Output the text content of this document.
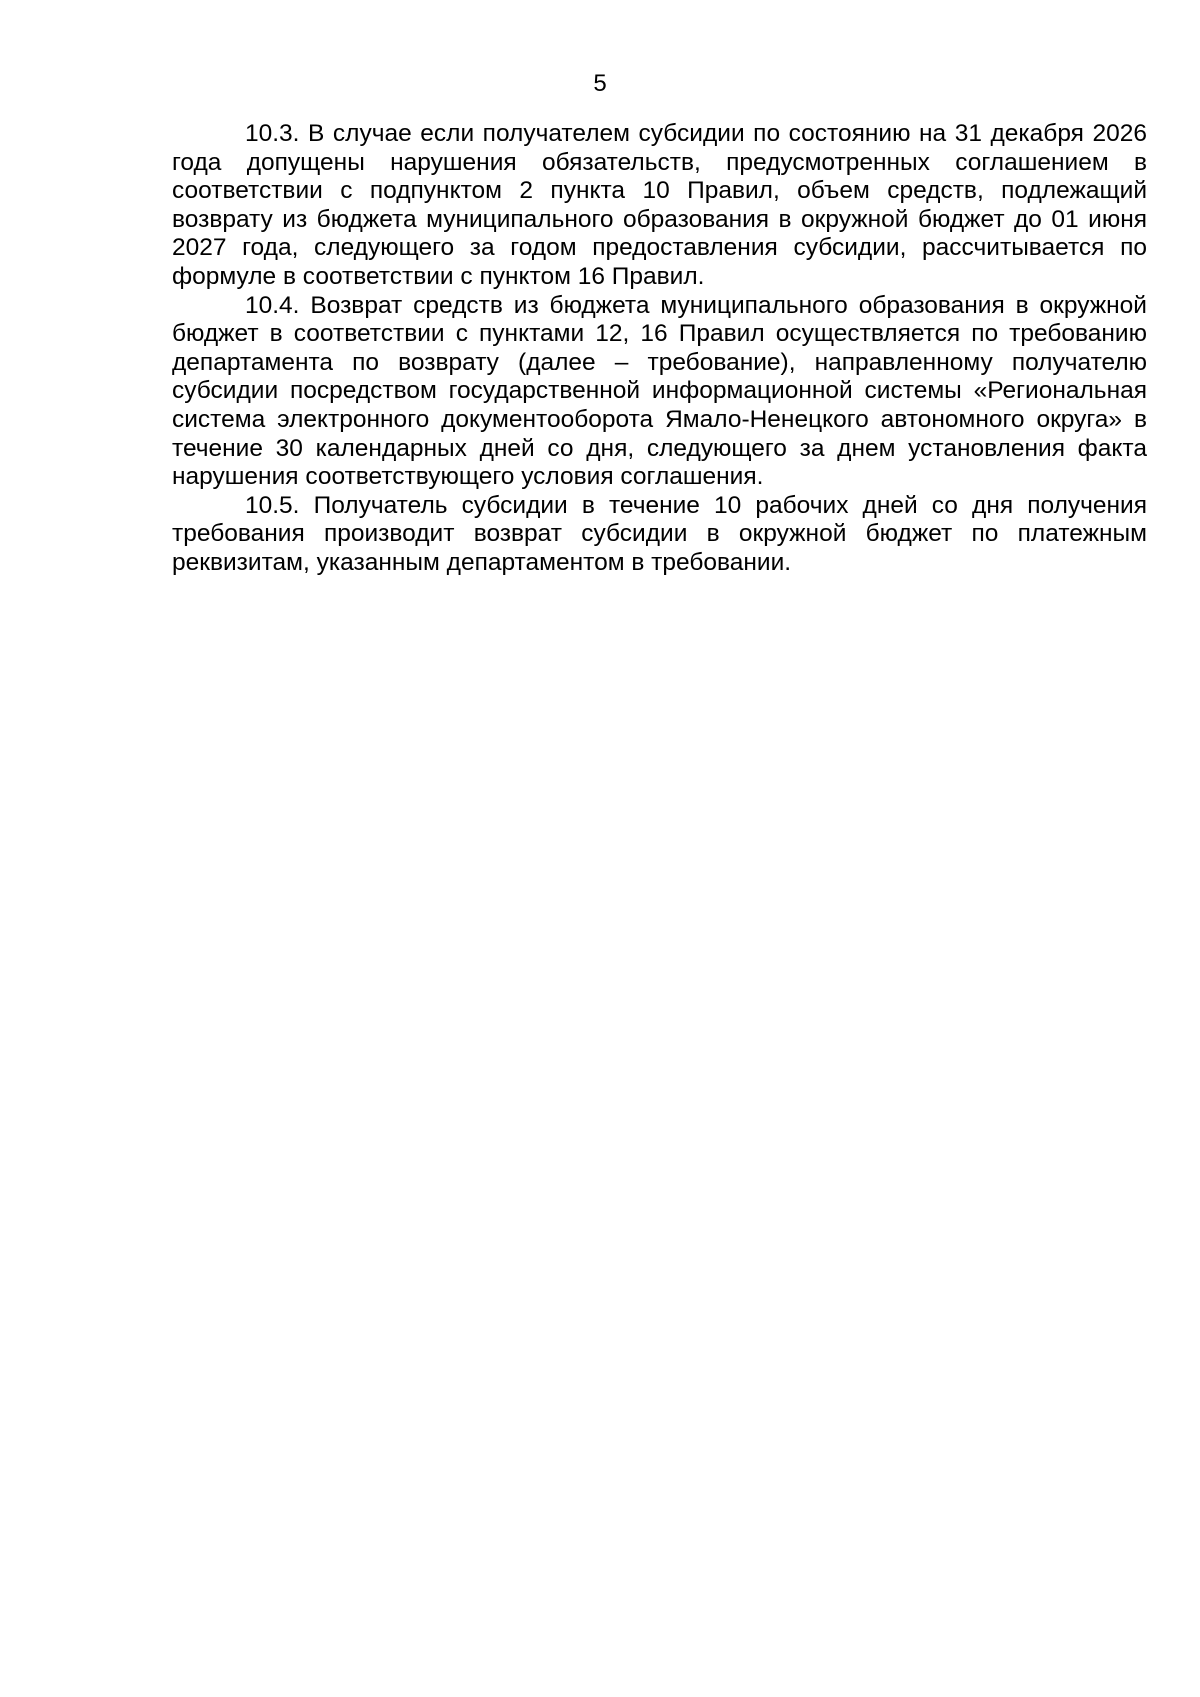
5

10.3. В случае если получателем субсидии по состоянию на 31 декабря 2026 года допущены нарушения обязательств, предусмотренных соглашением в соответствии с подпунктом 2 пункта 10 Правил, объем средств, подлежащий возврату из бюджета муниципального образования в окружной бюджет до 01 июня 2027 года, следующего за годом предоставления субсидии, рассчитывается по формуле в соответствии с пунктом 16 Правил.

10.4. Возврат средств из бюджета муниципального образования в окружной бюджет в соответствии с пунктами 12, 16 Правил осуществляется по требованию департамента по возврату (далее – требование), направленному получателю субсидии посредством государственной информационной системы «Региональная система электронного документооборота Ямало-Ненецкого автономного округа» в течение 30 календарных дней со дня, следующего за днем установления факта нарушения соответствующего условия соглашения.

10.5. Получатель субсидии в течение 10 рабочих дней со дня получения требования производит возврат субсидии в окружной бюджет по платежным реквизитам, указанным департаментом в требовании.
